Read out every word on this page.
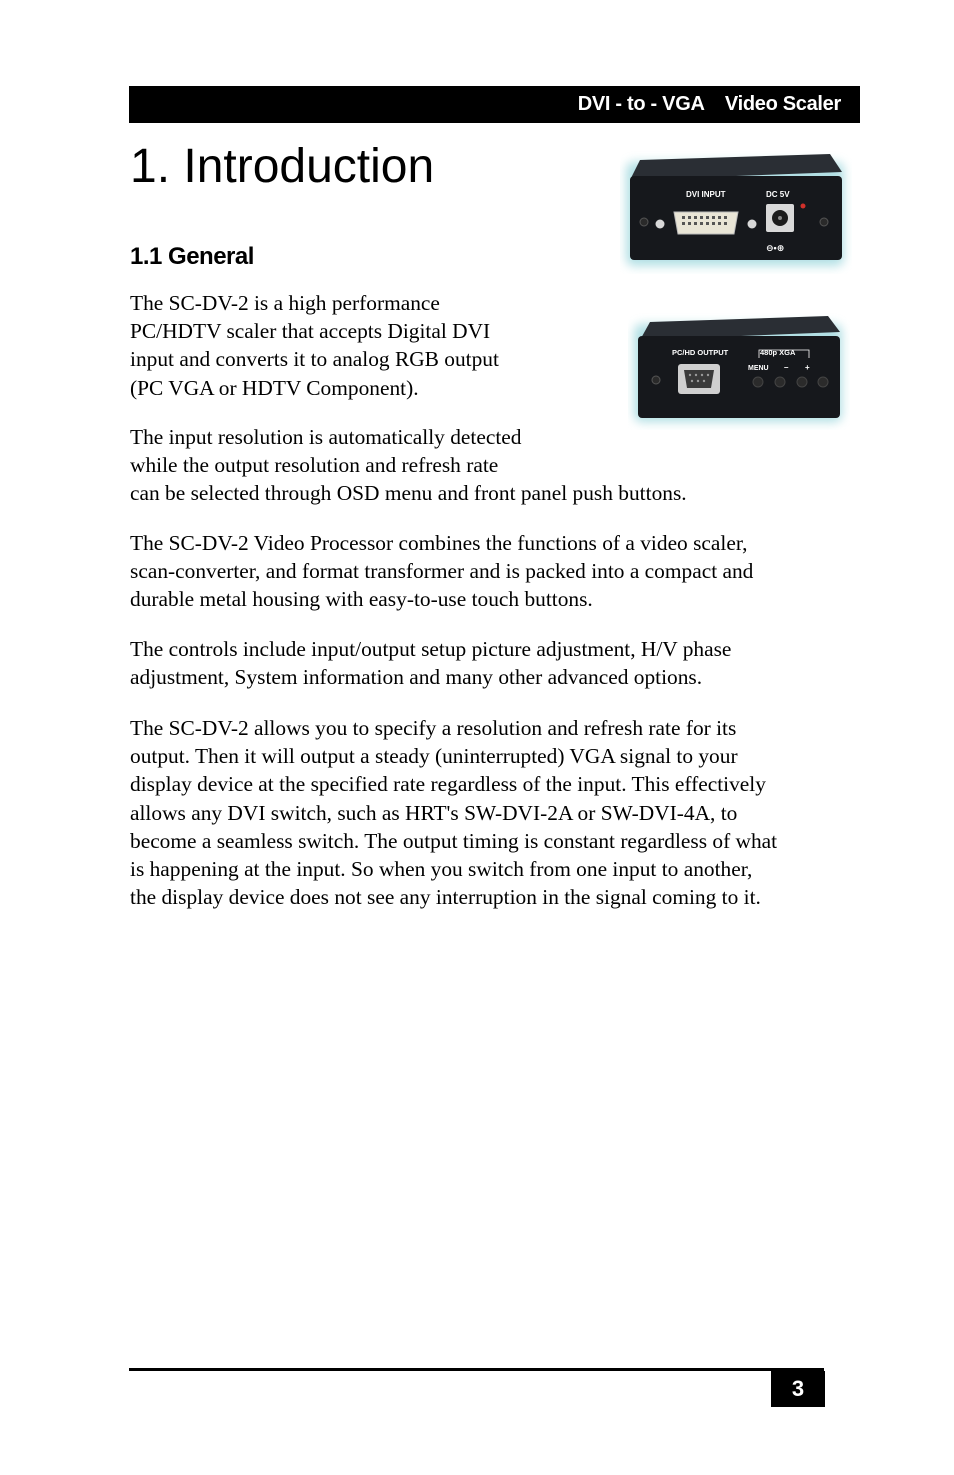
DVI - to - VGA    Video Scaler
1. Introduction
1.1 General
DVI INPUT	DC 5V
⊖•⊕
PC/HD OUTPUT	480p XGA
MENU – +

The SC-DV-2 is a high performance
PC/HDTV scaler that accepts Digital DVI
input and converts it to analog RGB output
(PC VGA or HDTV Component).

The input resolution is automatically detected
while the output resolution and refresh rate
can be selected through OSD menu and front panel push buttons.

The SC-DV-2 Video Processor combines the functions of a video scaler,
scan-converter, and format transformer and is packed into a compact and
durable metal housing with easy-to-use touch buttons.

The controls include input/output setup picture adjustment, H/V phase
adjustment, System information and many other advanced options.

The SC-DV-2 allows you to specify a resolution and refresh rate for its
output. Then it will output a steady (uninterrupted) VGA signal to your
display device at the specified rate regardless of the input. This effectively
allows any DVI switch, such as HRT's SW-DVI-2A or SW-DVI-4A, to
become a seamless switch. The output timing is constant regardless of what
is happening at the input. So when you switch from one input to another,
the display device does not see any interruption in the signal coming to it.

3
